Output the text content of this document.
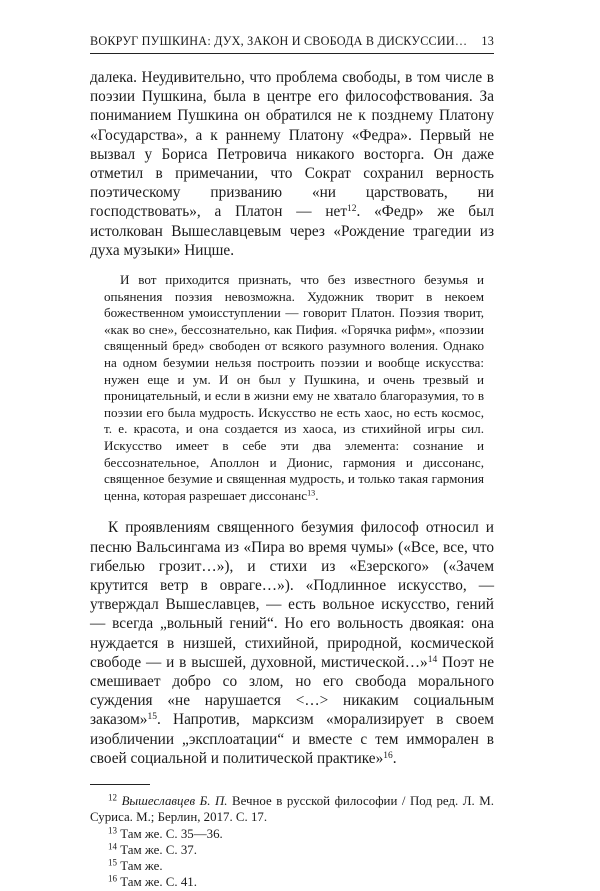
ВОКРУГ ПУШКИНА: ДУХ, ЗАКОН И СВОБОДА В ДИСКУССИИ… 13

далека. Неудивительно, что проблема свободы, в том числе в поэзии Пушкина, была в центре его философствования. За пониманием Пушкина он обратился не к позднему Платону «Государства», а к раннему Платону «Федра». Первый не вызвал у Бориса Петровича никакого восторга. Он даже отметил в примечании, что Сократ сохранил верность поэтическому призванию «ни царствовать, ни господствовать», а Платон — нет$^{12}$. «Федр» же был истолкован Вышеславцевым через «Рождение трагедии из духа музыки» Ницше.

И вот приходится признать, что без известного безумья и опьянения поэзия невозможна. Художник творит в некоем божественном умоисступлении — говорит Платон. Поэзия творит, «как во сне», бессознательно, как Пифия. «Горячка рифм», «поэзии священный бред» свободен от всякого разумного воления. Однако на одном безумии нельзя построить поэзии и вообще искусства: нужен еще и ум. И он был у Пушкина, и очень трезвый и проницательный, и если в жизни ему не хватало благоразумия, то в поэзии его была мудрость. Искусство не есть хаос, но есть космос, т. е. красота, и она создается из хаоса, из стихийной игры сил. Искусство имеет в себе эти два элемента: сознание и бессознательное, Аполлон и Дионис, гармония и диссонанс, священное безумие и священная мудрость, и только такая гармония ценна, которая разрешает диссонанс$^{13}$.

К проявлениям священного безумия философ относил и песню Вальсингама из «Пира во время чумы» («Все, все, что гибелью грозит…»), и стихи из «Езерского» («Зачем крутится ветр в овраге…»). «Подлинное искусство, — утверждал Вышеславцев, — есть вольное искусство, гений — всегда „вольный гений“. Но его вольность двоякая: она нуждается в низшей, стихийной, природной, космической свободе — и в высшей, духовной, мистической…»$^{14}$ Поэт не смешивает добро со злом, но его свобода морального суждения «не нарушается <…> никаким социальным заказом»$^{15}$. Напротив, марксизм «морализирует в своем изобличении „эксплоатации“ и вместе с тем имморален в своей социальной и политической практике»$^{16}$.

$^{12}$ Вышеславцев Б. П. Вечное в русской философии / Под ред. Л. М. Суриса. М.; Берлин, 2017. С. 17.

$^{13}$ Там же. С. 35—36.

$^{14}$ Там же. С. 37.

$^{15}$ Там же.

$^{16}$ Там же. С. 41.
